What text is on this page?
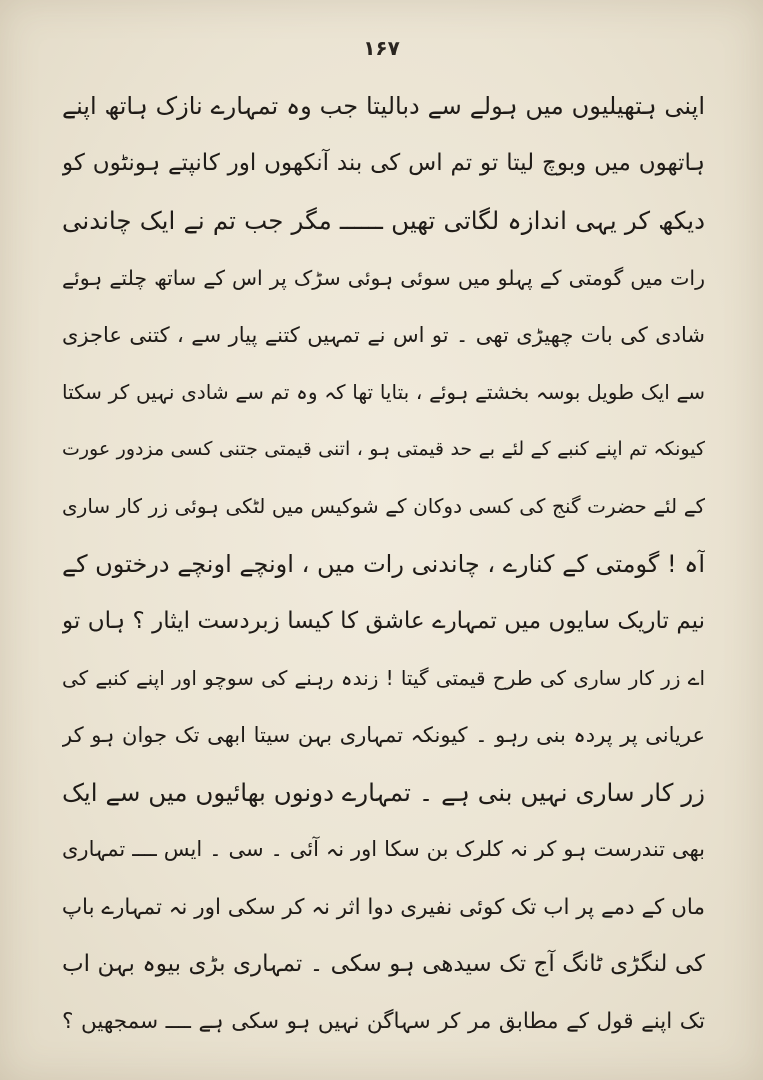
۱۶۷
اپنی ہتھیلیوں میں ہولے سے دبالیتا جب وہ تمہارے نازک ہاتھ اپنے
ہاتھوں میں وبوچ لیتا تو تم اس کی بند آنکھوں اور کانپتے ہونٹوں کو
دیکھ کر یہی اندازہ لگاتی تھیں ــــــ مگر جب تم نے ایک چاندنی
رات میں گومتی کے پہلو میں سوئی ہوئی سڑک پر اس کے ساتھ چلتے ہوئے
شادی کی بات چھیڑی تھی ۔ تو اس نے تمہیں کتنے پیار سے ، کتنی عاجزی
سے ایک طویل بوسہ بخشتے ہوئے ، بتایا تھا کہ وہ تم سے شادی نہیں کر سکتا
کیونکہ تم اپنے کنبے کے لئے بے حد قیمتی ہو ، اتنی قیمتی جتنی کسی مزدور عورت
کے لئے حضرت گنج کی کسی دوکان کے شوکیس میں لٹکی ہوئی زر کار ساری
آہ ! گومتی کے کنارے ، چاندنی رات میں ، اونچے اونچے درختوں کے
نیم تاریک سایوں میں تمہارے عاشق کا کیسا زبردست ایثار ؟ ہاں تو
اے زر کار ساری کی طرح قیمتی گیتا ! زندہ رہنے کی سوچو اور اپنے کنبے کی
عریانی پر پردہ بنی رہو ۔ کیونکہ تمہاری بہن سیتا ابھی تک جوان ہو کر
زر کار ساری نہیں بنی ہے ۔ تمہارے دونوں بھائیوں میں سے ایک
بھی تندرست ہو کر نہ کلرک بن سکا اور نہ آئی ۔ سی ۔ ایس ــــ تمہاری
ماں کے دمے پر اب تک کوئی نفیری دوا اثر نہ کر سکی اور نہ تمہارے باپ
کی لنگڑی ٹانگ آج تک سیدھی ہو سکی ۔ تمہاری بڑی بیوہ بہن اب
تک اپنے قول کے مطابق مر کر سہاگن نہیں ہو سکی ہے ــــ سمجھیں ؟
